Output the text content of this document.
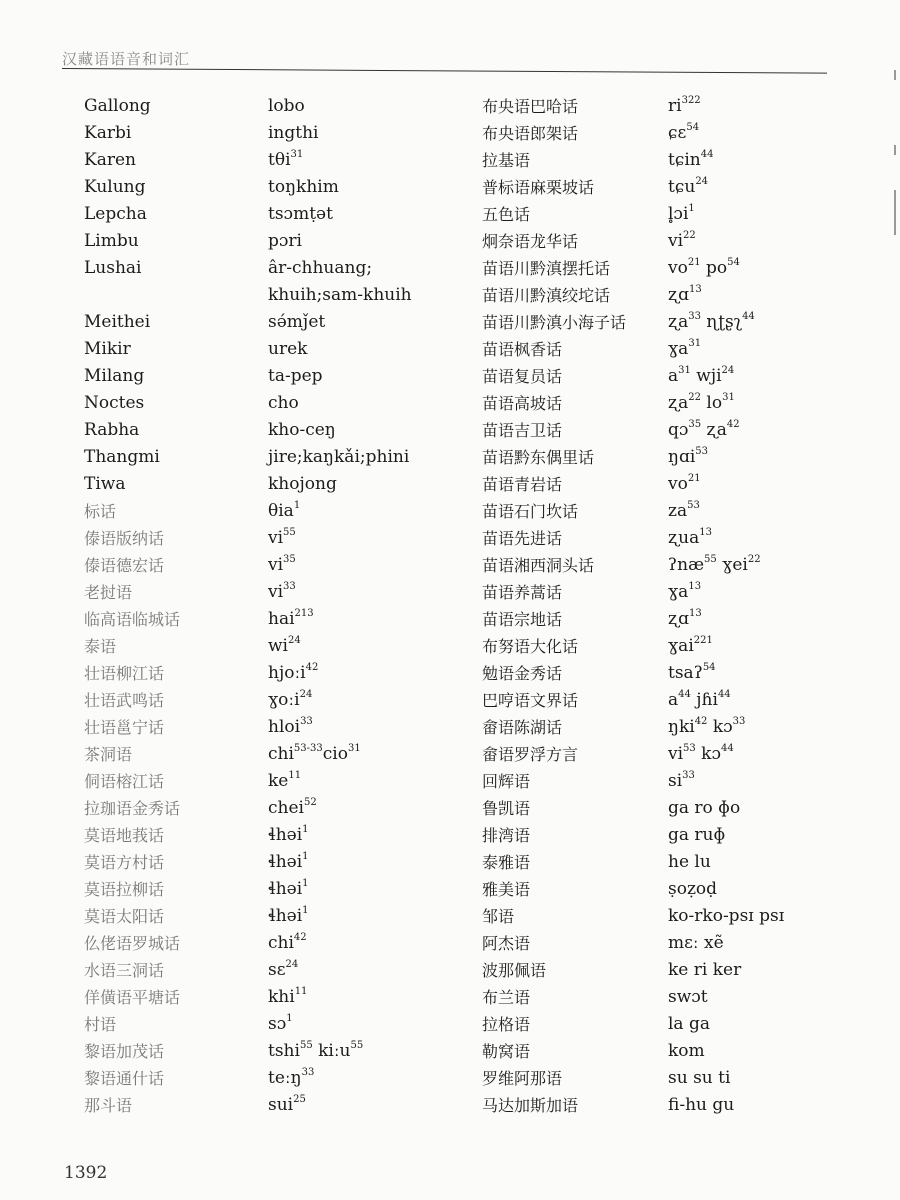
汉藏语语音和词汇
Gallong
Karbi
Karen
Kulung
Lepcha
Limbu
Lushai
Meithei
Mikir
Milang
Noctes
Rabha
Thangmi
Tiwa
标话
傣语版纳话
傣语德宏话
老挝语
临高语临城话
泰语
壮语柳江话
壮语武鸣话
壮语邕宁话
茶洞语
侗语榕江话
拉珈语金秀话
莫语地莪话
莫语方村话
莫语拉柳话
莫语太阳话
仫佬语罗城话
水语三洞话
佯僙语平塘话
村语
黎语加茂话
黎语通什话
那斗语
lobo
ingthi
tθi$^{31}$
toŋkhim
tsɔmṭət
pɔri
âr-chhuang;
khuih;sam-khuih
sə́mǰet
urek
ta-pep
cho
kho-ceŋ
jire;kaŋkǎi;phini
khojong
θia$^1$
$vi^{55}$
$vi^{35}$
$vi^{33}$
hai$^{213}$
$wi^{24}$
hjoːi$^{42}$
ɣoːi$^{24}$
hloi$^{33}$
chi$^{53-33}$cio$^{31}$
$ke^{11}$
chei$^{52}$
ɬhəi$^1$
ɬhəi$^1$
ɬhəi$^1$
ɬhəi$^1$
chi$^{42}$
sɛ$^{24}$
khi$^{11}$
sɔ$^1$
tshi$^{55}$ kiːu$^{55}$
teːŋ$^{33}$
sui$^{25}$
布央语巴哈话
布央语郎架话
拉基语
普标语麻栗坡话
五色话
炯奈语龙华话
苗语川黔滇摆托话
苗语川黔滇绞坨话
苗语川黔滇小海子话
苗语枫香话
苗语复员话
苗语高坡话
苗语吉卫话
苗语黔东偶里话
苗语青岩话
苗语石门坎话
苗语先进话
苗语湘西洞头话
苗语养蒿话
苗语宗地话
布努语大化话
勉语金秀话
巴哼语文界话
畲语陈湖话
畲语罗浮方言
回辉语
鲁凯语
排湾语
泰雅语
雅美语
邹语
阿杰语
波那佩语
布兰语
拉格语
勒窝语
罗维阿那语
马达加斯加语
$ri^{322}$
ɕɛ$^{54}$
tɕin$^{44}$
tɕu$^{24}$
l̥ɔi$^1$
$vi^{22}$
$vo^{21}$ $po^{54}$
ʐɑ$^{13}$
ʐa$^{33}$ ɳʈʂʅ$^{44}$
ɣa$^{31}$
$a^{31}$ wji$^{24}$
ʐa$^{22}$ $lo^{31}$
qɔ$^{35}$ ʐa$^{42}$
ŋɑi$^{53}$
$vo^{21}$
$za^{53}$
ʐua$^{13}$
ʔnæ$^{55}$ ɣei$^{22}$
ɣa$^{13}$
ʐɑ$^{13}$
ɣai$^{221}$
tsaʔ$^{54}$
$a^{44}$ jɦi$^{44}$
ŋki$^{42}$ kɔ$^{33}$
$vi^{53}$ kɔ$^{44}$
$si^{33}$
ga ro ɸo
ga ruɸ
he lu
ṣoẓoḍ
ko-rko-psɪ psɪ
mɛː xẽ
ke ri ker
swɔt
la ga
kom
su su ti
fi-hu gu
1392
